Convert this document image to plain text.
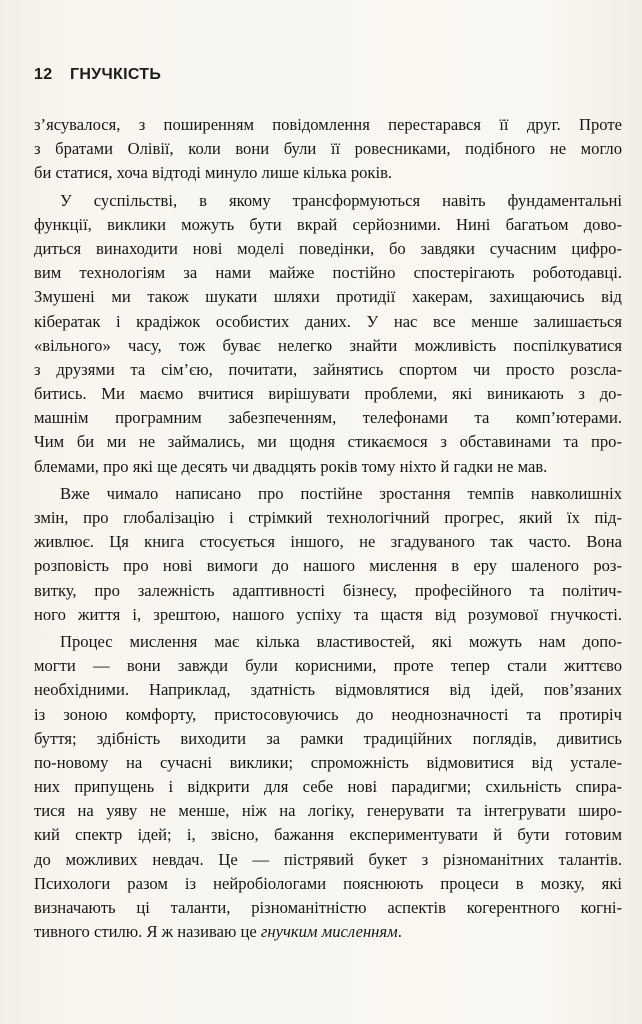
12 ГНУЧКІСТЬ
з’ясувалося, з поширенням повідомлення перестарався її друг. Проте
з братами Олівії, коли вони були її ровесниками, подібного не могло
би статися, хоча відтоді минуло лише кілька років.
У суспільстві, в якому трансформуються навіть фундаментальні
функції, виклики можуть бути вкрай серйозними. Нині багатьом дово-
диться винаходити нові моделі поведінки, бо завдяки сучасним цифро-
вим технологіям за нами майже постійно спостерігають роботодавці.
Змушені ми також шукати шляхи протидії хакерам, захищаючись від
кібератак і крадіжок особистих даних. У нас все менше залишається
«вільного» часу, тож буває нелегко знайти можливість поспілкуватися
з друзями та сім’єю, почитати, зайнятись спортом чи просто розсла-
битись. Ми маємо вчитися вирішувати проблеми, які виникають з до-
машнім програмним забезпеченням, телефонами та комп’ютерами.
Чим би ми не займались, ми щодня стикаємося з обставинами та про-
блемами, про які ще десять чи двадцять років тому ніхто й гадки не мав.
Вже чимало написано про постійне зростання темпів навколишніх
змін, про глобалізацію і стрімкий технологічний прогрес, який їх під-
живлює. Ця книга стосується іншого, не згадуваного так часто. Вона
розповість про нові вимоги до нашого мислення в еру шаленого роз-
витку, про залежність адаптивності бізнесу, професійного та політич-
ного життя і, зрештою, нашого успіху та щастя від розумової гнучкості.
Процес мислення має кілька властивостей, які можуть нам допо-
могти — вони завжди були корисними, проте тепер стали життєво
необхідними. Наприклад, здатність відмовлятися від ідей, пов’язаних
із зоною комфорту, пристосовуючись до неоднозначності та протиріч
буття; здібність виходити за рамки традиційних поглядів, дивитись
по-новому на сучасні виклики; спроможність відмовитися від устале-
них припущень і відкрити для себе нові парадигми; схильність спира-
тися на уяву не менше, ніж на логіку, генерувати та інтегрувати широ-
кий спектр ідей; і, звісно, бажання експериментувати й бути готовим
до можливих невдач. Це — пістрявий букет з різноманітних талантів.
Психологи разом із нейробіологами пояснюють процеси в мозку, які
визначають ці таланти, різноманітністю аспектів когерентного когні-
тивного стилю. Я ж називаю це гнучким мисленням.
